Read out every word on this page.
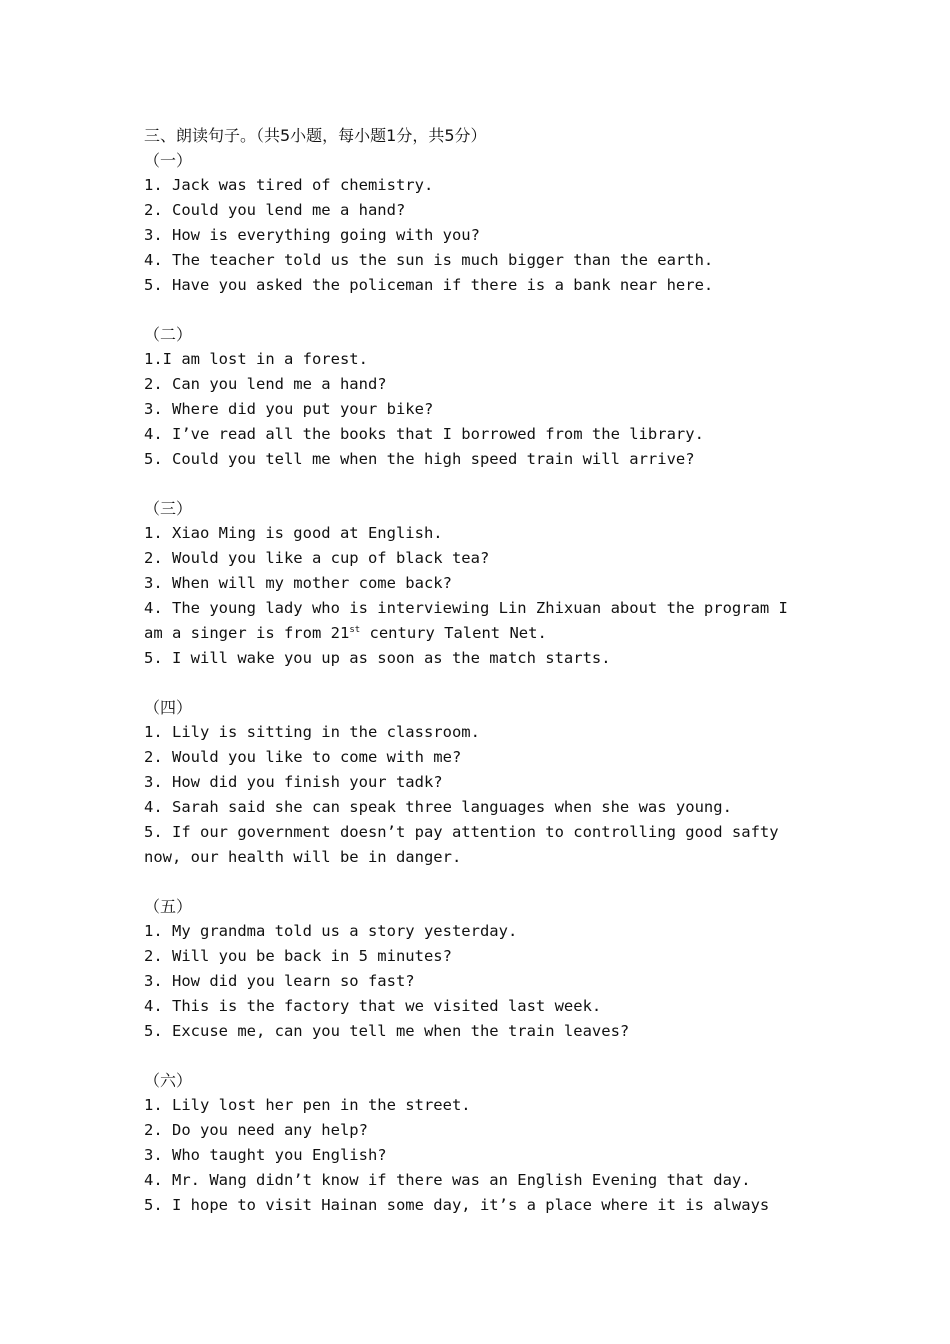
三、朗读句子。（共5小题，每小题1分，共5分）

（一）

1. Jack was tired of chemistry.

2. Could you lend me a hand?

3. How is everything going with you?

4. The teacher told us the sun is much bigger than the earth.

5. Have you asked the policeman if there is a bank near here.

（二）

1.I am lost in a forest.

2. Can you lend me a hand?

3. Where did you put your bike?

4. I’ve read all the books that I borrowed from the library.

5. Could you tell me when the high speed train will arrive?

（三）

1. Xiao Ming is good at English.

2. Would you like a cup of black tea?

3. When will my mother come back?

4. The young lady who is interviewing Lin Zhixuan about the program I am a singer is from 21st century Talent Net.

5. I will wake you up as soon as the match starts.

（四）

1. Lily is sitting in the classroom.

2. Would you like to come with me?

3. How did you finish your tadk?

4. Sarah said she can speak three languages when she was young.

5. If our government doesn’t pay attention to controlling good safty now, our health will be in danger.

（五）

1. My grandma told us a story yesterday.

2. Will you be back in 5 minutes?

3. How did you learn so fast?

4. This is the factory that we visited last week.

5. Excuse me, can you tell me when the train leaves?

（六）

1. Lily lost her pen in the street.

2. Do you need any help?

3. Who taught you English?

4. Mr. Wang didn’t know if there was an English Evening that day.

5. I hope to visit Hainan some day, it’s a place where it is always
